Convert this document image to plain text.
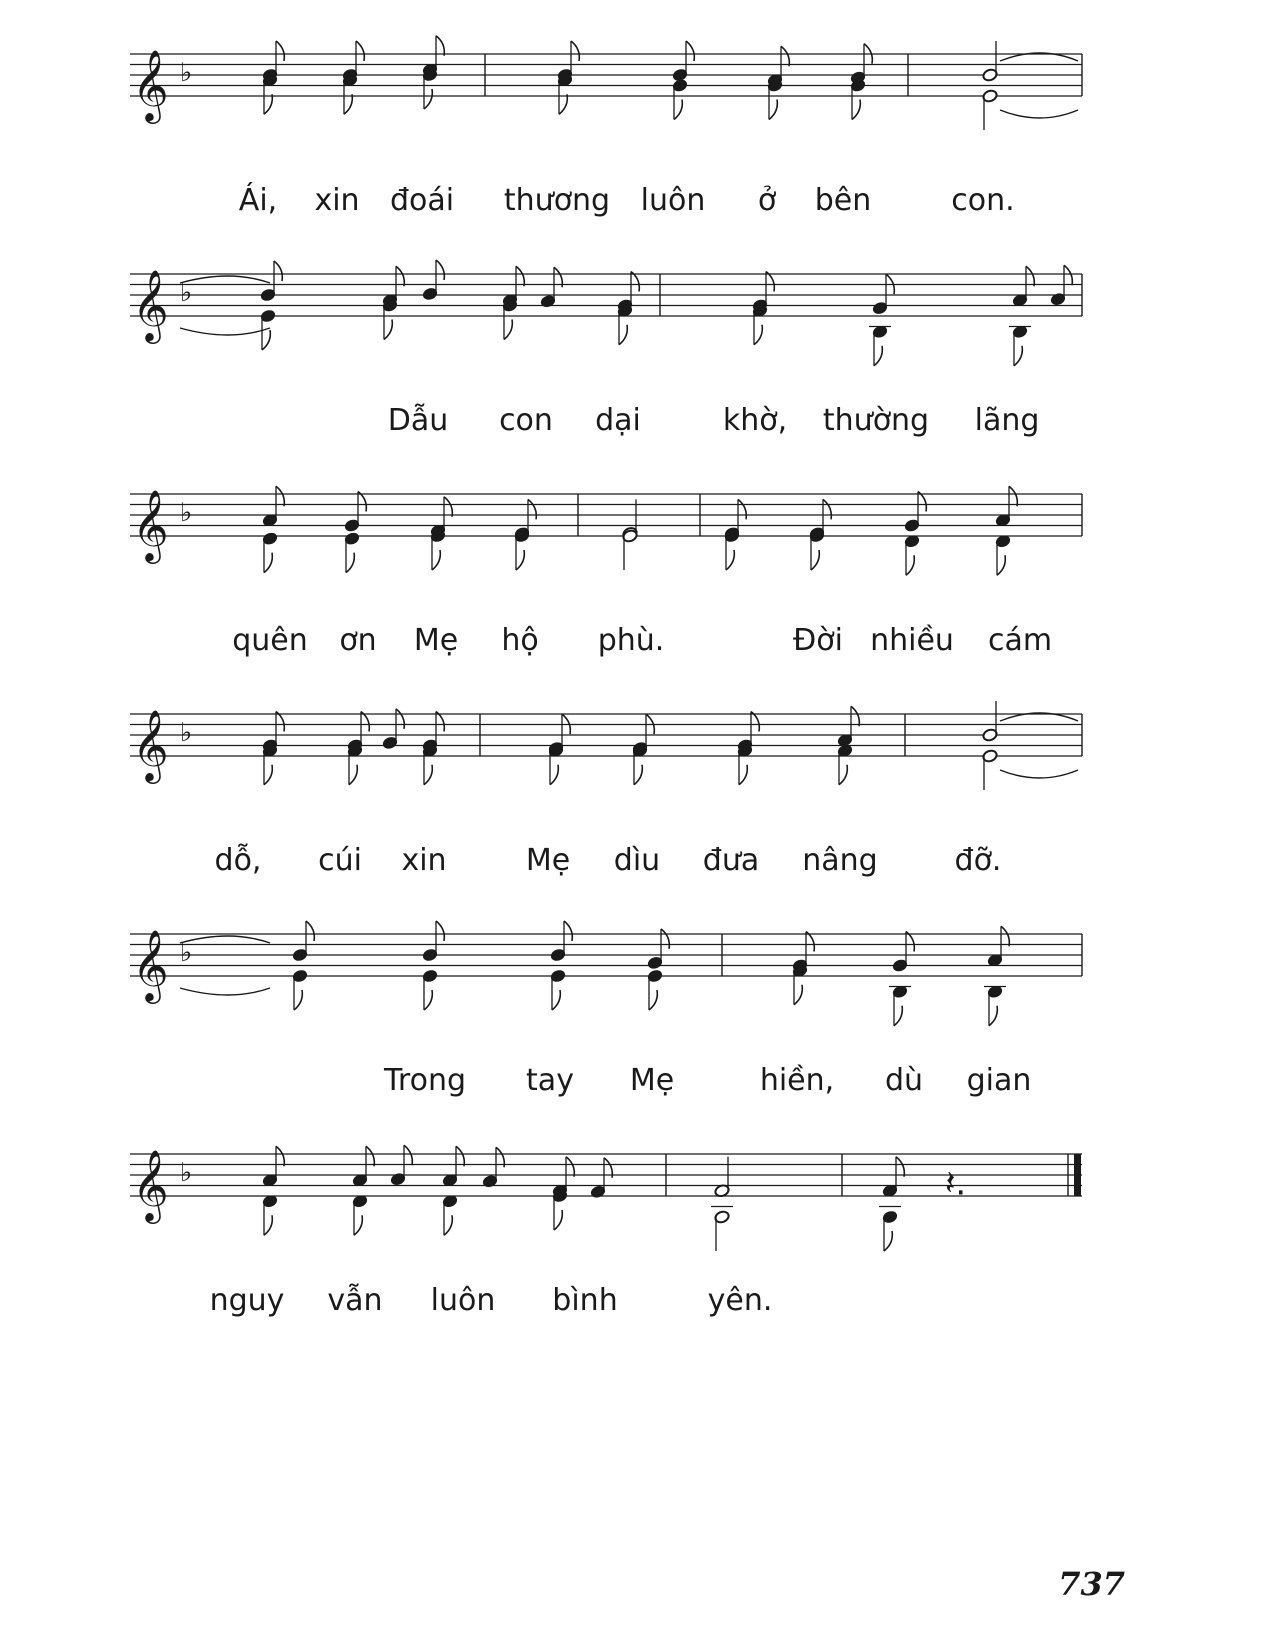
𝄞 ♭
Ái, xin đoái thương luôn ở bên	con.
𝄞 ♭
Dẫu con dại	khờ, thường lãng
𝄞 ♭
quên ơn Mẹ hộ phù.	Đời nhiều cám
𝄞 ♭
dỗ, cúi xin	Mẹ dìu đưa nâng	đỡ.
𝄞 ♭
Trong tay Mẹ	hiền, dù gian
𝄞 ♭	𝄽.
nguy vẫn luôn bình	yên.
737
